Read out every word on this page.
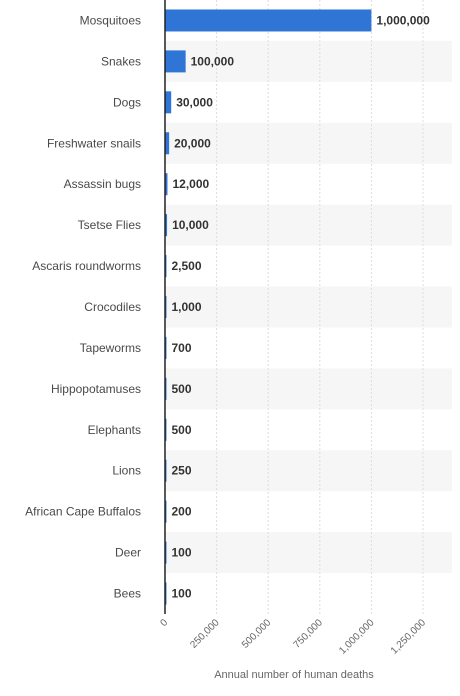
Mosquitoes
Snakes
Dogs
Freshwater snails
Assassin bugs
Tsetse Flies
Ascaris roundworms
Crocodiles
Tapeworms
Hippopotamuses
Elephants
Lions
African Cape Buffalos
Deer
Bees
1,000,000
100,000
30,000
20,000
12,000
10,000
2,500
1,000
700
500
500
250
200
100
100
0 250,000 500,000 750,000 1,000,000 1,250,000
Annual number of human deaths
